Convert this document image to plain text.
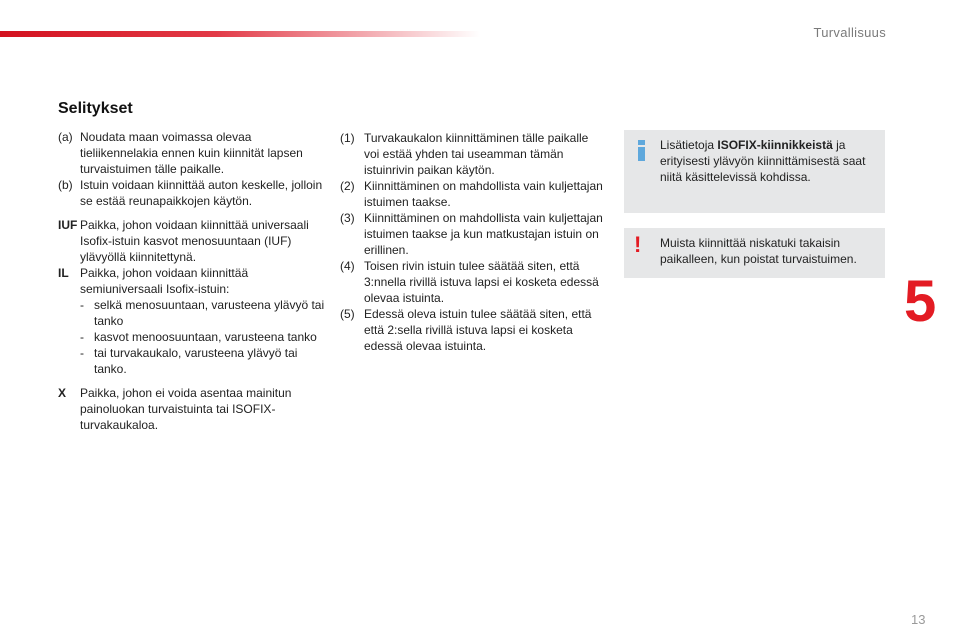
Turvallisuus
Selitykset
(a) Noudata maan voimassa olevaa tieliikennelakia ennen kuin kiinnität lapsen turvaistuimen tälle paikalle.
(b) Istuin voidaan kiinnittää auton keskelle, jolloin se estää reunapaikkojen käytön.
IUF Paikka, johon voidaan kiinnittää universaali Isofix-istuin kasvot menosuuntaan (IUF) ylävyöllä kiinnitettynä.
IL Paikka, johon voidaan kiinnittää semiuniversaali Isofix-istuin:
- selkä menosuuntaan, varusteena ylävyö tai tanko
- kasvot menoosuuntaan, varusteena tanko
- tai turvakaukalo, varusteena ylävyö tai tanko.
X	Paikka, johon ei voida asentaa mainitun painoluokan turvaistuinta tai ISOFIX-turvakaukaloa.
(1) Turvakaukalon kiinnittäminen tälle paikalle voi estää yhden tai useamman tämän istuinrivin paikan käytön.
(2) Kiinnittäminen on mahdollista vain kuljettajan istuimen taakse.
(3) Kiinnittäminen on mahdollista vain kuljettajan istuimen taakse ja kun matkustajan istuin on erillinen.
(4) Toisen rivin istuin tulee säätää siten, että 3:nnella rivillä istuva lapsi ei kosketa edessä olevaa istuinta.
(5) Edessä oleva istuin tulee säätää siten, että että 2:sella rivillä istuva lapsi ei kosketa edessä olevaa istuinta.
Lisätietoja ISOFIX-kiinnikkeistä ja erityisesti ylävyön kiinnittämisestä saat niitä käsittelevissä kohdissa.
! Muista kiinnittää niskatuki takaisin paikalleen, kun poistat turvaistuimen.
5
13
